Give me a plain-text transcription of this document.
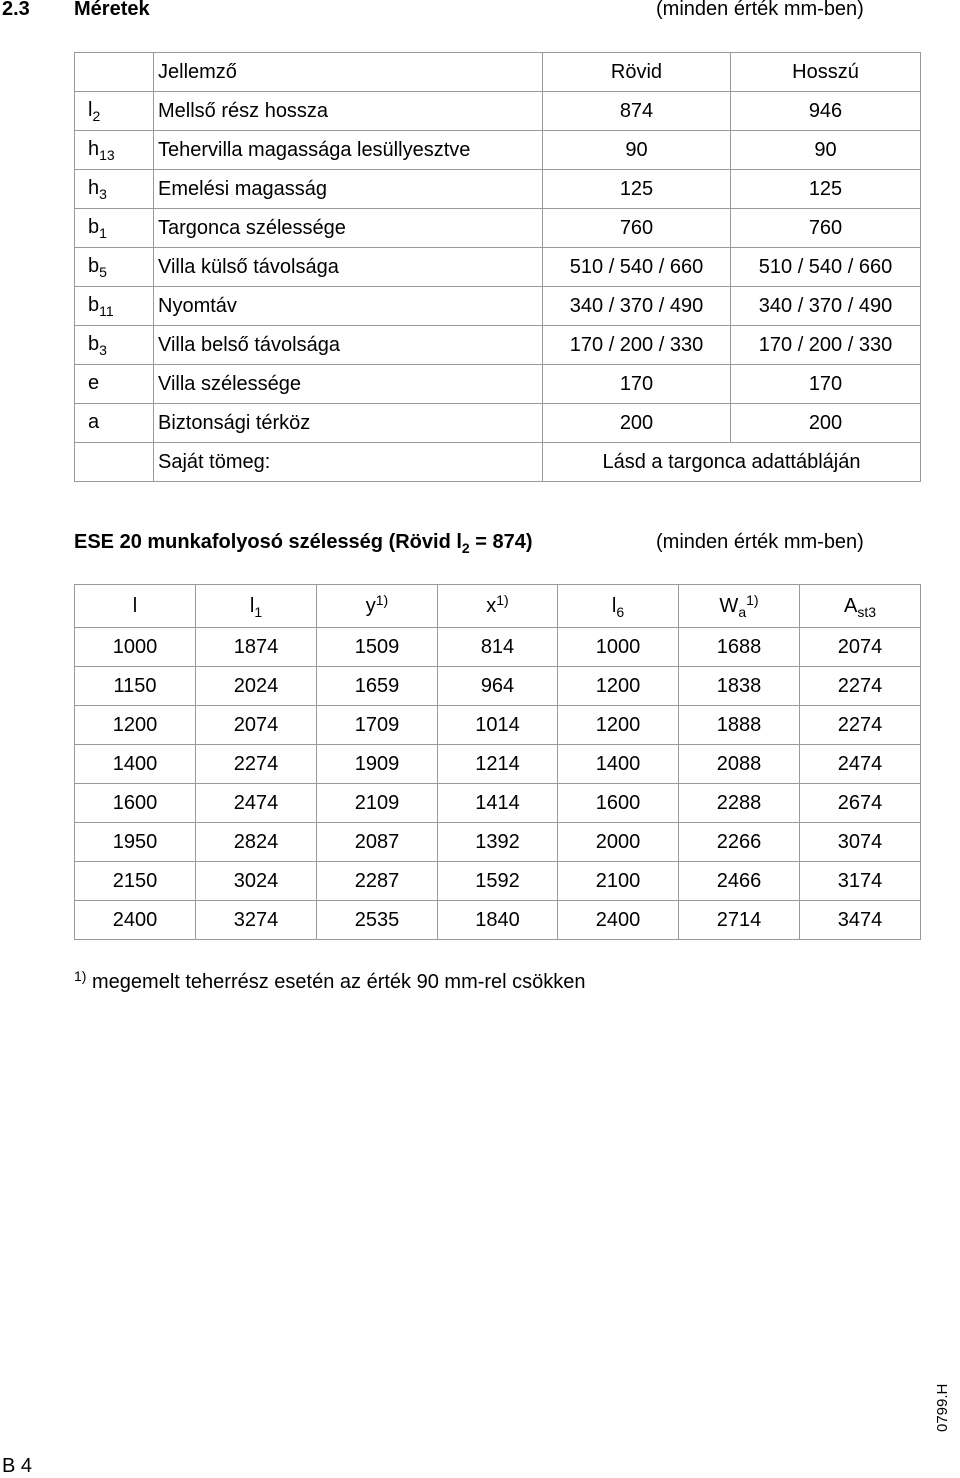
2.3 Méretek	(minden érték mm-ben)
	Jellemző	Rövid	Hosszú
$l_2$	Mellső rész hossza	874	946
$h_{13}$	Tehervilla magassága lesüllyesztve	90	90
$h_3$	Emelési magasság	125	125
$b_1$	Targonca szélessége	760	760
$b_5$	Villa külső távolsága	510 / 540 / 660	510 / 540 / 660
$b_{11}$	Nyomtáv	340 / 370 / 490	340 / 370 / 490
$b_3$	Villa belső távolsága	170 / 200 / 330	170 / 200 / 330
e	Villa szélessége	170	170
a	Biztonsági térköz	200	200
	Saját tömeg:	Lásd a targonca adattábláján	
ESE 20 munkafolyosó szélesség (Rövid $l_2 = 874$)	(minden érték mm-ben)
l	$l_1$	$y^{1)}$	$x^{1)}$	$l_6$	$W_a^{1)}$	$A_{st3}$
1000	1874	1509	814	1000	1688	2074
1150	2024	1659	964	1200	1838	2274
1200	2074	1709	1014	1200	1888	2274
1400	2274	1909	1214	1400	2088	2474
1600	2474	2109	1414	1600	2288	2674
1950	2824	2087	1392	2000	2266	3074
2150	3024	2287	1592	2100	2466	3174
2400	3274	2535	1840	2400	2714	3474
$^{1)}$ megemelt teherrész esetén az érték 90 mm-rel csökken
B 4
0799.H
